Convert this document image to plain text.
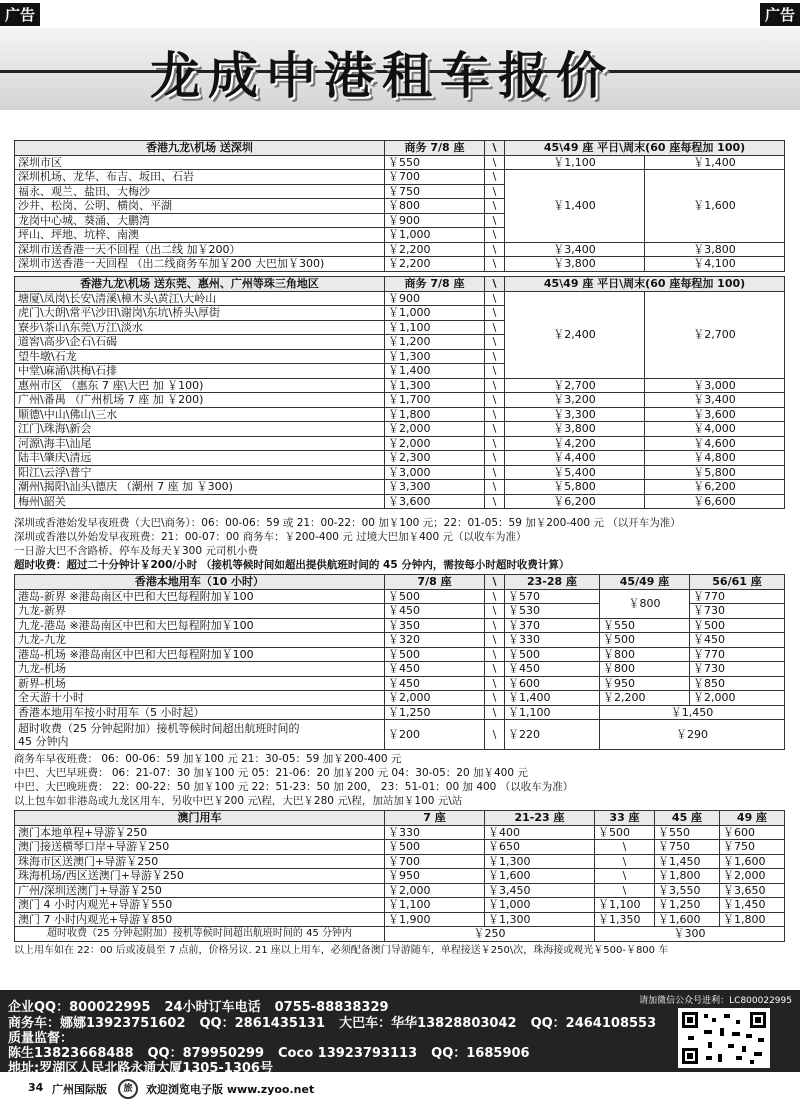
广告	广告
龙成中港租车报价
香港九龙\机场 送深圳	商务 7/8 座	\	45\49 座 平日\周末(60 座每程加 100)	
深圳市区	￥550	\	￥1,100	￥1,400
深圳机场、龙华、布吉、坂田、石岩	￥700	\	￥1,400	￥1,600
福永、观兰、盐田、大梅沙	￥750	\		
沙井、松岗、公明、横岗、平湖	￥800	\		
龙岗中心城、葵涌、大鹏湾	￥900	\		
坪山、坪地、坑梓、南澳	￥1,000	\		
深圳市送香港一天不回程（出二线 加￥200）	￥2,200	\	￥3,400	￥3,800
深圳市送香港一天回程 （出二线商务车加￥200 大巴加￥300)	￥2,200	\	￥3,800	￥4,100
香港九龙\机场 送东莞、惠州、广州等珠三角地区	商务 7/8 座	\	45\49 座 平日\周末(60 座每程加 100)	
塘厦\凤岗\长安\清溪\樟木头\黄江\大岭山	￥900	\	￥2,400	￥2,700
虎门\大朗\常平\沙田\谢岗\东坑\桥头\厚街	￥1,000	\		
寮步\茶山\东莞\万江\淡水	￥1,100	\		
道窖\高步\企石\石碣	￥1,200	\		
望牛墩\石龙	￥1,300	\		
中堂\麻涌\洪梅\石排	￥1,400	\		
惠州市区 （惠东 7 座\大巴 加 ￥100)	￥1,300	\	￥2,700	￥3,000
广州\番禺 （广州机场 7 座 加 ￥200)	￥1,700	\	￥3,200	￥3,400
顺德\中山\佛山\三水	￥1,800	\	￥3,300	￥3,600
江门\珠海\新会	￥2,000	\	￥3,800	￥4,000
河源\海丰\汕尾	￥2,000	\	￥4,200	￥4,600
陆丰\肇庆\清远	￥2,300	\	￥4,400	￥4,800
阳江\云浮\普宁	￥3,000	\	￥5,400	￥5,800
潮州\揭阳\汕头\德庆 （潮州 7 座 加 ￥300)	￥3,300	\	￥5,800	￥6,200
梅州\韶关	￥3,600	\	￥6,200	￥6,600
深圳或香港始发早夜班费（大巴\商务）：06：00-06：59 或 21：00-22：00 加￥100 元；22：01-05：59 加￥200-400 元 （以开车为准）
深圳或香港以外始发早夜班费：21：00-07：00 商务车：￥200-400 元 过境大巴加￥400 元（以收车为准）
一日游大巴不含路桥、停车及每天￥300 元司机小费
超时收费：超过二十分钟计￥200/小时 （接机等候时间如超出提供航班时间的 45 分钟内，需按每小时超时收费计算）
香港本地用车（10 小时）	7/8 座	\	23-28 座	45/49 座	56/61 座
港岛-新界 ※港岛南区中巴和大巴每程附加￥100	￥500	\	￥570	￥800	￥770
九龙-新界	￥450	\	￥530		￥730
九龙-港岛 ※港岛南区中巴和大巴每程附加￥100	￥350	\	￥370	￥550	￥500
九龙-九龙	￥320	\	￥330	￥500	￥450
港岛-机场 ※港岛南区中巴和大巴每程附加￥100	￥500	\	￥500	￥800	￥770
九龙-机场	￥450	\	￥450	￥800	￥730
新界-机场	￥450	\	￥600	￥950	￥850
全天游十小时	￥2,000	\	￥1,400	￥2,200	￥2,000
香港本地用车按小时用车（5 小时起）	￥1,250	\	￥1,100	￥1,450	

超时收费（25 分钟起附加）接机等候时间超出航班时间的
45 分钟内	￥200	\	￥220	￥290	
商务车早夜班费： 06：00-06：59 加￥100 元 21：30-05：59 加￥200-400 元
中巴、大巴早班费： 06：21-07：30 加￥100 元 05：21-06：20 加￥200 元 04：30-05：20 加￥400 元
中巴、大巴晚班费： 22：00-22：50 加￥100 元 22：51-23：50 加 200， 23：51-01：00 加 400 （以收车为准）
以上包车如非港岛或九龙区用车，另收中巴￥200 元\程，大巴￥280 元\程，加站加￥100 元\站
澳门用车	7 座	21-23 座	33 座	45 座	49 座
澳门本地单程+导游￥250	￥330	￥400	￥500	￥550	￥600
澳门接送横琴口岸+导游￥250	￥500	￥650	\	￥750	￥750
珠海市区送澳门+导游￥250	￥700	￥1,300	\	￥1,450	￥1,600
珠海机场/西区送澳门+导游￥250	￥950	￥1,600	\	￥1,800	￥2,000
广州/深圳送澳门+导游￥250	￥2,000	￥3,450	\	￥3,550	￥3,650
澳门 4 小时内观光+导游￥550	￥1,100	￥1,000	￥1,100	￥1,250	￥1,450
澳门 7 小时内观光+导游￥850	￥1,900	￥1,300	￥1,350	￥1,600	￥1,800
超时收费（25 分钟起附加）接机等候时间超出航班时间的 45 分钟内	￥250		￥300		
以上用车如在 22：00 后或凌晨至 7 点前，价格另议. 21 座以上用车，必须配备澳门导游随车，单程接送￥250\次，珠海接或观光￥500-￥800 车
企业QQ：800022995 24小时订车电话 0755-88838329
商务车：娜娜13923751602 QQ：2861435131 大巴车：华华13828803042 QQ：2464108553
质量监督：
陈生13823668488 QQ：879950299 Coco 13923793113 QQ：1685906
地址:罗湖区人民北路永通大厦1305-1306号
请加微信公众号进利：LC800022995
34 广州国际版	旅	欢迎浏览电子版 www.zyoo.net
